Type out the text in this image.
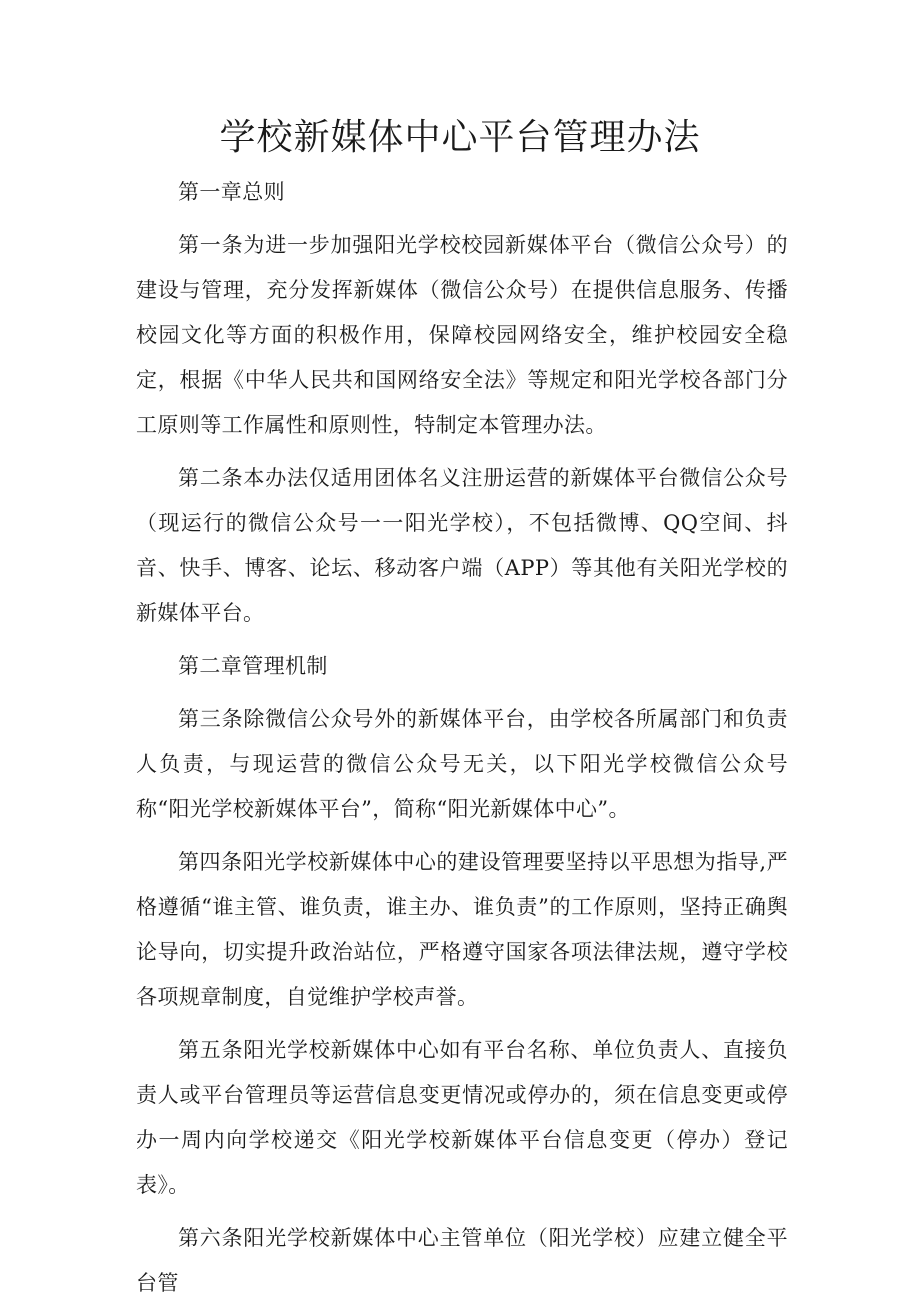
学校新媒体中心平台管理办法

第一章总则

第一条为进一步加强阳光学校校园新媒体平台（微信公众号）的建设与管理，充分发挥新媒体（微信公众号）在提供信息服务、传播校园文化等方面的积极作用，保障校园网络安全，维护校园安全稳定，根据《中华人民共和国网络安全法》等规定和阳光学校各部门分工原则等工作属性和原则性，特制定本管理办法。

第二条本办法仅适用团体名义注册运营的新媒体平台微信公众号（现运行的微信公众号一一阳光学校），不包括微博、QQ空间、抖音、快手、博客、论坛、移动客户端（APP）等其他有关阳光学校的新媒体平台。

第二章管理机制

第三条除微信公众号外的新媒体平台，由学校各所属部门和负责人负责，与现运营的微信公众号无关，以下阳光学校微信公众号称“阳光学校新媒体平台”，简称“阳光新媒体中心”。

第四条阳光学校新媒体中心的建设管理要坚持以平思想为指导,严格遵循“谁主管、谁负责，谁主办、谁负责”的工作原则，坚持正确舆论导向，切实提升政治站位，严格遵守国家各项法律法规，遵守学校各项规章制度，自觉维护学校声誉。

第五条阳光学校新媒体中心如有平台名称、单位负责人、直接负责人或平台管理员等运营信息变更情况或停办的，须在信息变更或停办一周内向学校递交《阳光学校新媒体平台信息变更（停办）登记表》。

第六条阳光学校新媒体中心主管单位（阳光学校）应建立健全平台管
